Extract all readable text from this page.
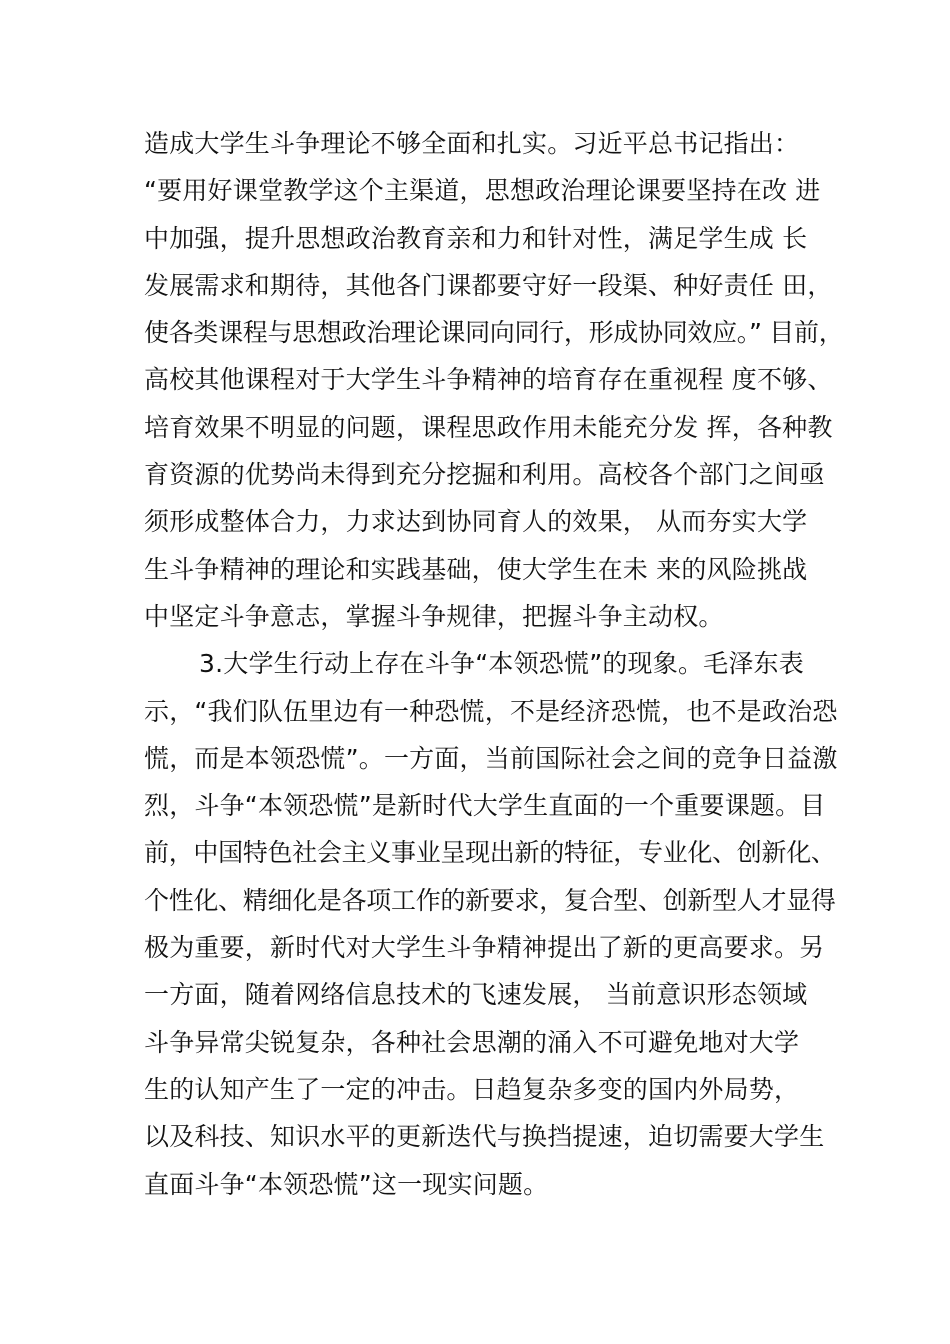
造成大学生斗争理论不够全面和扎实。习近平总书记指出：
“要用好课堂教学这个主渠道，思想政治理论课要坚持在改 进
中加强，提升思想政治教育亲和力和针对性，满足学生成 长
发展需求和期待，其他各门课都要守好一段渠、种好责任 田，
使各类课程与思想政治理论课同向同行，形成协同效应。” 目前，
高校其他课程对于大学生斗争精神的培育存在重视程 度不够、
培育效果不明显的问题，课程思政作用未能充分发 挥，各种教
育资源的优势尚未得到充分挖掘和利用。高校各个部门之间亟
须形成整体合力，力求达到协同育人的效果， 从而夯实大学
生斗争精神的理论和实践基础，使大学生在未 来的风险挑战
中坚定斗争意志，掌握斗争规律，把握斗争主动权。
3.大学生行动上存在斗争“本领恐慌”的现象。毛泽东表
示，“我们队伍里边有一种恐慌，不是经济恐慌，也不是政治恐
慌，而是本领恐慌”。一方面，当前国际社会之间的竞争日益激
烈，斗争“本领恐慌”是新时代大学生直面的一个重要课题。目
前，中国特色社会主义事业呈现出新的特征，专业化、创新化、
个性化、精细化是各项工作的新要求，复合型、创新型人才显得
极为重要，新时代对大学生斗争精神提出了新的更高要求。另
一方面，随着网络信息技术的飞速发展， 当前意识形态领域
斗争异常尖锐复杂，各种社会思潮的涌入不可避免地对大学
生的认知产生了一定的冲击。日趋复杂多变的国内外局势，
以及科技、知识水平的更新迭代与换挡提速，迫切需要大学生
直面斗争“本领恐慌”这一现实问题。
